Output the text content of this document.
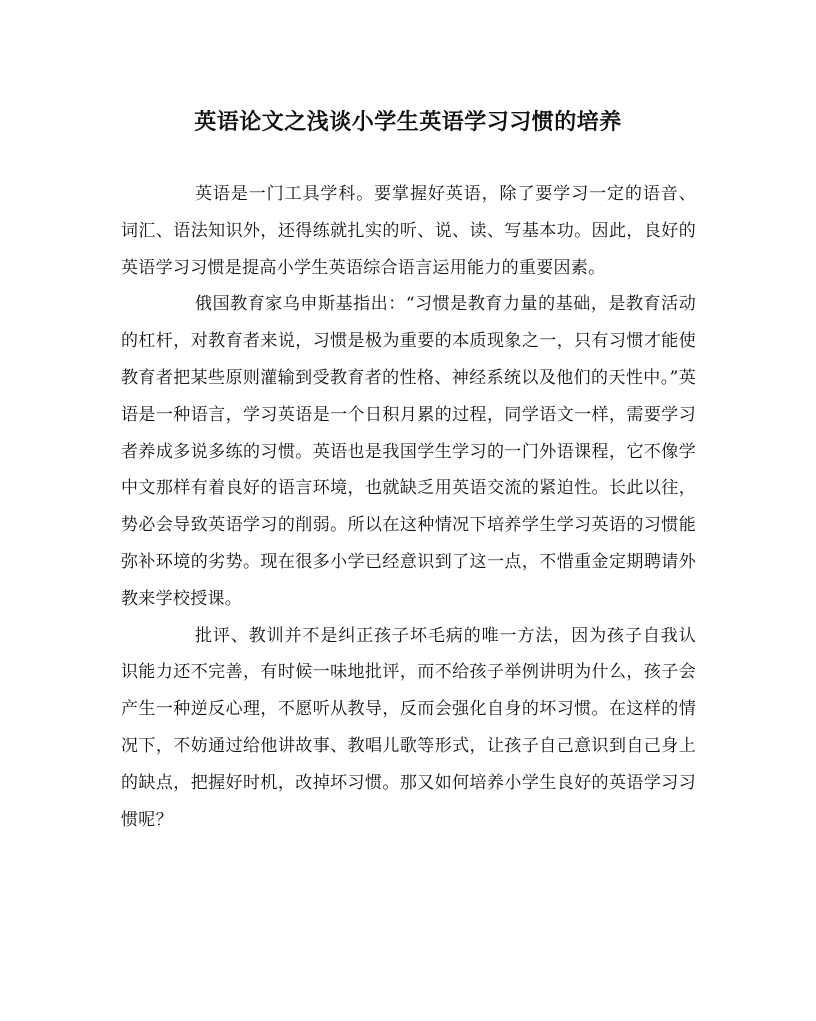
英语论文之浅谈小学生英语学习习惯的培养

英语是一门工具学科。要掌握好英语，除了要学习一定的语音、词汇、语法知识外，还得练就扎实的听、说、读、写基本功。因此，良好的英语学习习惯是提高小学生英语综合语言运用能力的重要因素。

俄国教育家乌申斯基指出：“习惯是教育力量的基础，是教育活动的杠杆，对教育者来说，习惯是极为重要的本质现象之一，只有习惯才能使教育者把某些原则灌输到受教育者的性格、神经系统以及他们的天性中。”英语是一种语言，学习英语是一个日积月累的过程，同学语文一样，需要学习者养成多说多练的习惯。英语也是我国学生学习的一门外语课程，它不像学中文那样有着良好的语言环境，也就缺乏用英语交流的紧迫性。长此以往，势必会导致英语学习的削弱。所以在这种情况下培养学生学习英语的习惯能弥补环境的劣势。现在很多小学已经意识到了这一点，不惜重金定期聘请外教来学校授课。

批评、教训并不是纠正孩子坏毛病的唯一方法，因为孩子自我认识能力还不完善，有时候一味地批评，而不给孩子举例讲明为什么，孩子会产生一种逆反心理，不愿听从教导，反而会强化自身的坏习惯。在这样的情况下，不妨通过给他讲故事、教唱儿歌等形式，让孩子自己意识到自己身上的缺点，把握好时机，改掉坏习惯。那又如何培养小学生良好的英语学习习惯呢？
